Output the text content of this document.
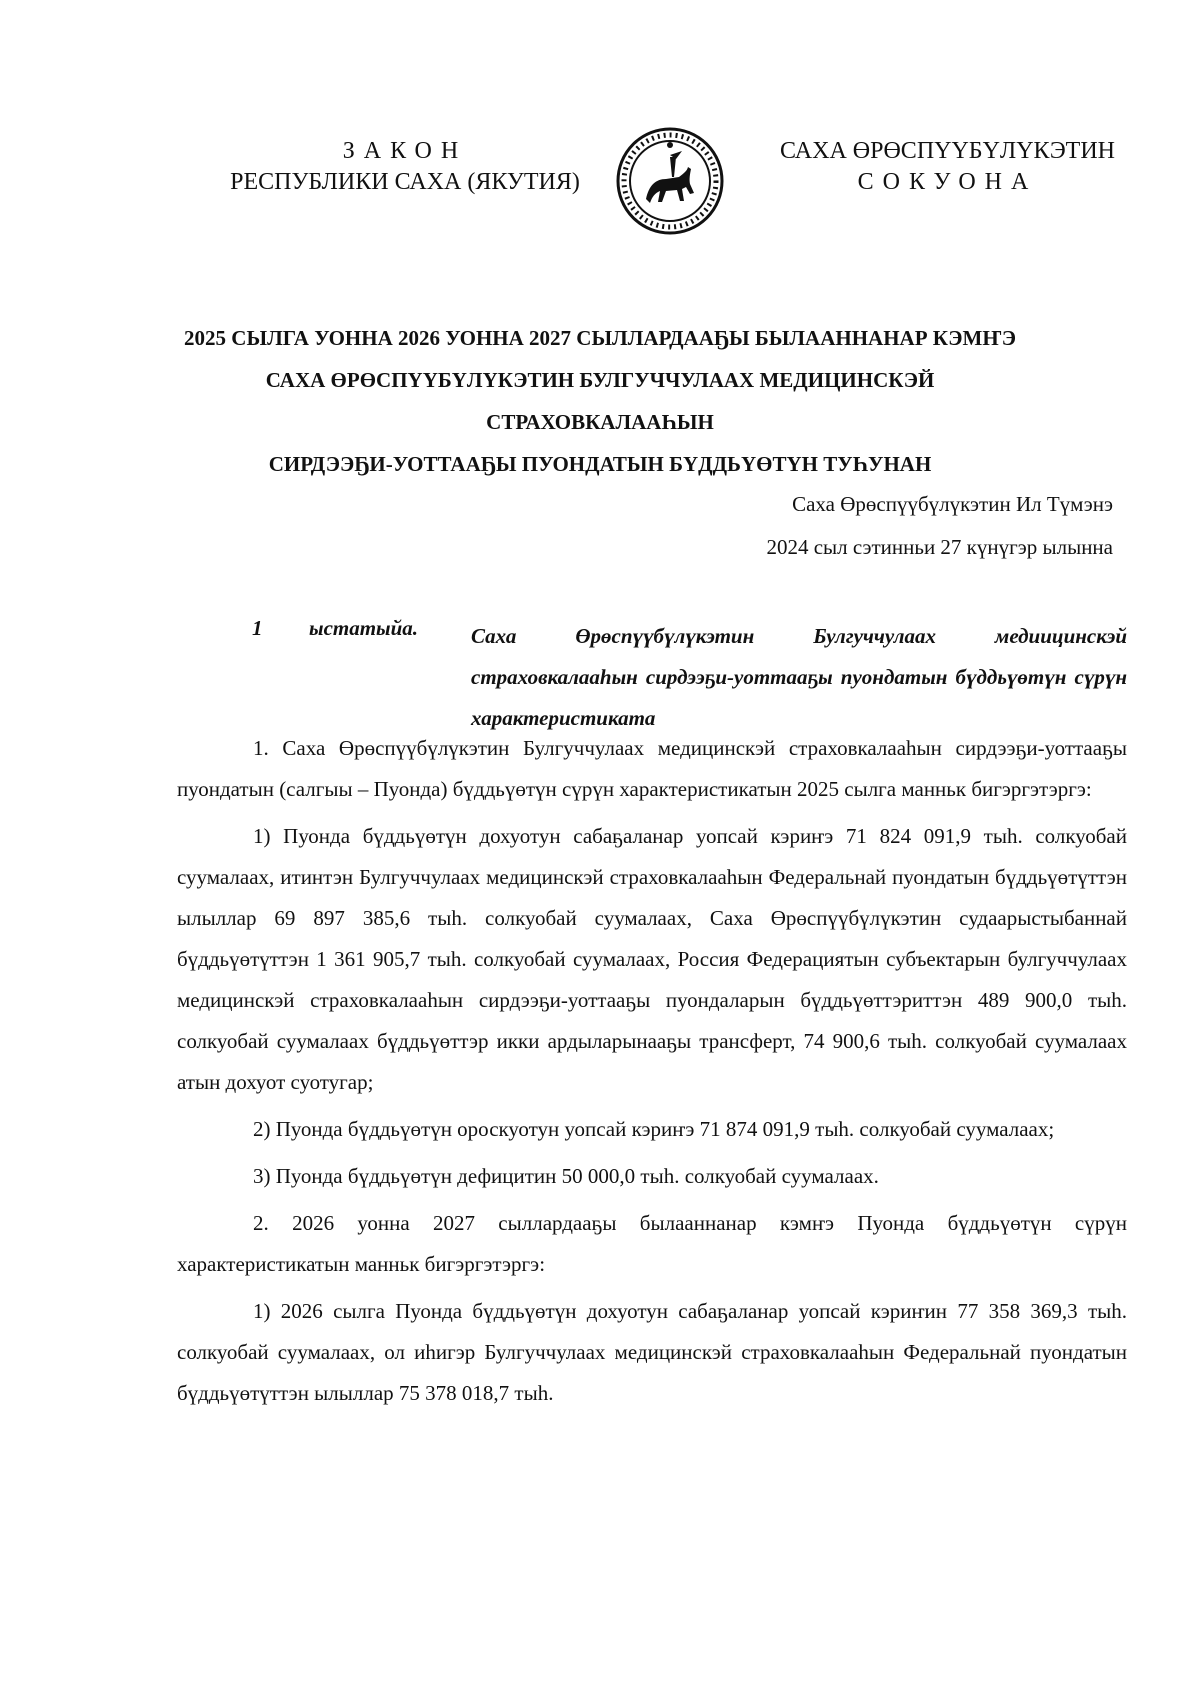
ЗАКОН
РЕСПУБЛИКИ САХА (ЯКУТИЯ)
САХА ӨРӨСПҮҮБҮЛҮКЭТИН
СОКУОНА
2025 СЫЛГА УОННА 2026 УОННА 2027 СЫЛЛАРДААҔЫ БЫЛААННАНАР КЭМҤЭ
САХА ӨРӨСПҮҮБҮЛҮКЭТИН БУЛГУЧЧУЛААХ МЕДИЦИНСКЭЙ СТРАХОВКАЛААҺЫН
СИРДЭЭҔИ-УОТТААҔЫ ПУОНДАТЫН БҮДДЬҮӨТҮН ТУҺУНАН
Саха Өрөспүүбүлүкэтин Ил Түмэнэ
2024 сыл сэтинньи 27 күнүгэр ылынна
1 ыстатыйа.	Саха Өрөспүүбүлүкэтин Булгуччулаах медиицинскэй страховкалааһын сирдээҕи-уоттааҕы пуондатын бүддьүөтүн сүрүн характеристиката

1. Саха Өрөспүүбүлүкэтин Булгуччулаах медицинскэй страховкалааһын сирдээҕи-уоттааҕы пуондатын (салгыы – Пуонда) бүддьүөтүн сүрүн характеристикатын 2025 сылга манньк бигэргэтэргэ:

1) Пуонда бүддьүөтүн дохуотун сабаҕаланар уопсай кэриҥэ 71 824 091,9 тыһ. солкуобай суумалаах, итинтэн Булгуччулаах медицинскэй страховкалааһын Федеральнай пуондатын бүддьүөтүттэн ылыллар 69 897 385,6 тыһ. солкуобай суумалаах, Саха Өрөспүүбүлүкэтин судаарыстыбаннай бүддьүөтүттэн 1 361 905,7 тыһ. солкуобай суумалаах, Россия Федерациятын субъектарын булгуччулаах медицинскэй страховкалааһын сирдээҕи-уоттааҕы пуондаларын бүддьүөттэриттэн 489 900,0 тыһ. солкуобай суумалаах бүддьүөттэр икки ардыларынааҕы трансферт, 74 900,6 тыһ. солкуобай суумалаах атын дохуот суотугар;

2) Пуонда бүддьүөтүн ороскуотун уопсай кэриҥэ 71 874 091,9 тыһ. солкуобай суумалаах;

3) Пуонда бүддьүөтүн дефицитин 50 000,0 тыһ. солкуобай суумалаах.

2. 2026 уонна 2027 сыллардааҕы былааннанар кэмҥэ Пуонда бүддьүөтүн сүрүн характеристикатын манньк бигэргэтэргэ:

1) 2026 сылга Пуонда бүддьүөтүн дохуотун сабаҕаланар уопсай кэриҥин 77 358 369,3 тыһ. солкуобай суумалаах, ол иһигэр Булгуччулаах медицинскэй страховкалааһын Федеральнай пуондатын бүддьүөтүттэн ылыллар 75 378 018,7 тыһ.
